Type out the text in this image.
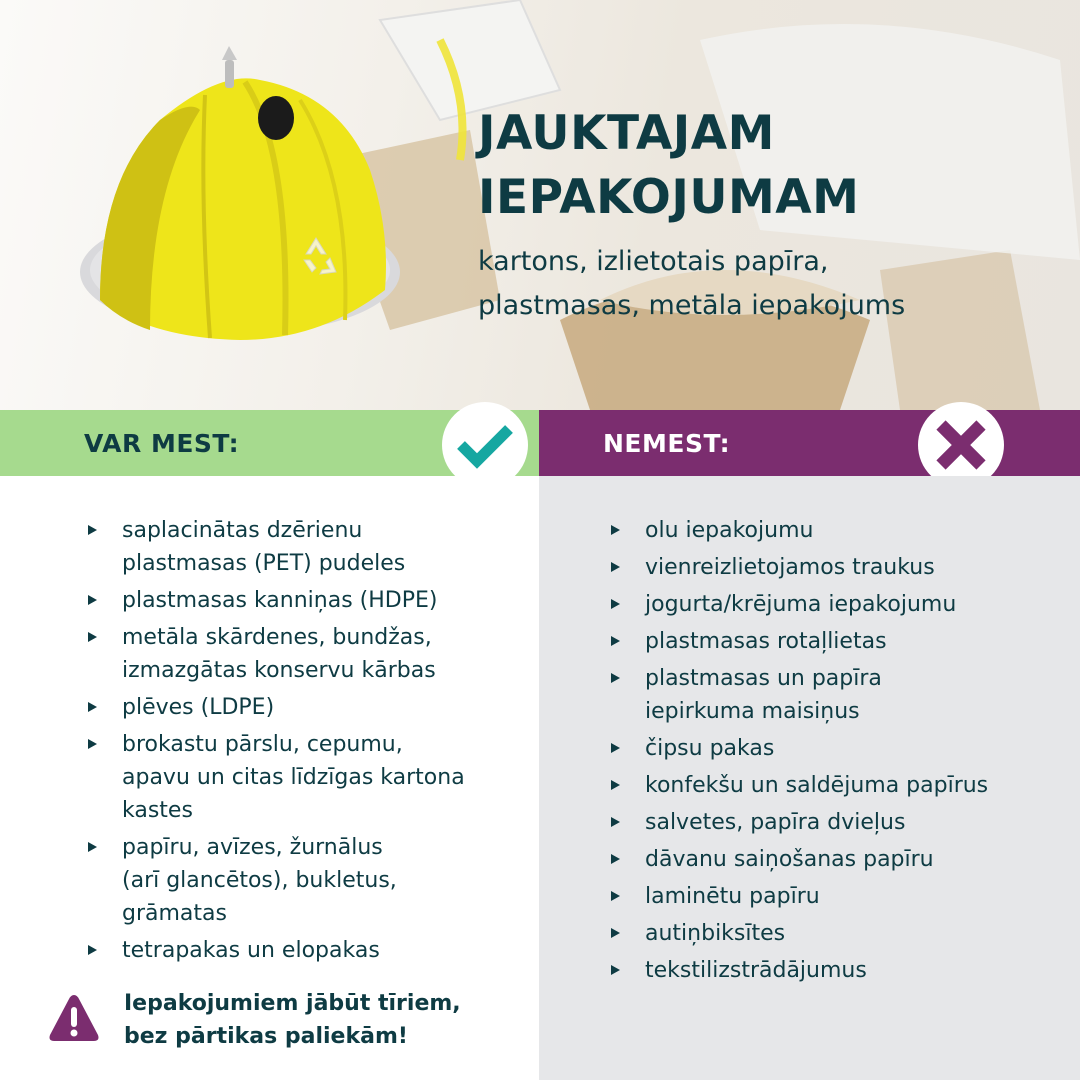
JAUKTAJAM
IEPAKOJUMAM
kartons, izlietotais papīra,
plastmasas, metāla iepakojums
VAR MEST:	NEMEST:
saplacinātas dzērienu
plastmasas (PET) pudeles
plastmasas kanniņas (HDPE)
metāla skārdenes, bundžas,
izmazgātas konservu kārbas
plēves (LDPE)
brokastu pārslu, cepumu,
apavu un citas līdzīgas kartona
kastes
papīru, avīzes, žurnālus
(arī glancētos), bukletus,
grāmatas
tetrapakas un elopakas
olu iepakojumu
vienreizlietojamos traukus
jogurta/krējuma iepakojumu
plastmasas rotaļlietas
plastmasas un papīra
iepirkuma maisiņus
čipsu pakas
konfekšu un saldējuma papīrus
salvetes, papīra dvieļus
dāvanu saiņošanas papīru
laminētu papīru
autiņbiksītes
tekstilizstrādājumus
Iepakojumiem jābūt tīriem,
bez pārtikas paliekām!
